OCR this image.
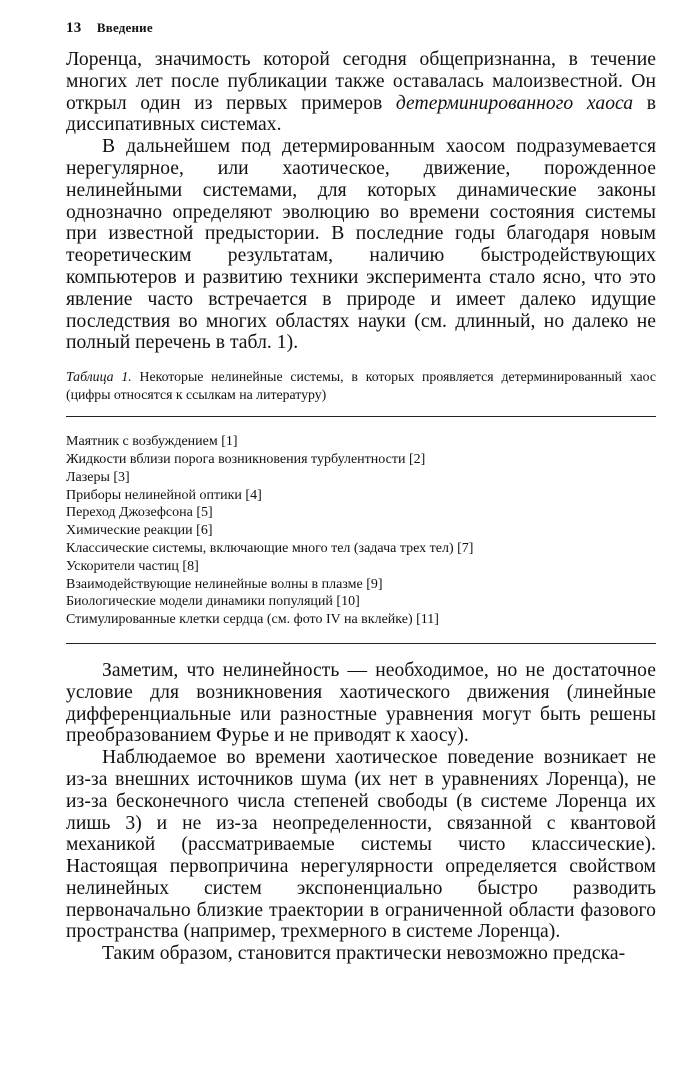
13 Введение

Лоренца, значимость которой сегодня общепризнанна, в течение многих лет после публикации также оставалась малоизвестной. Он открыл один из первых примеров детерминированного хаоса в диссипативных системах.

В дальнейшем под детермированным хаосом подразумевается нерегулярное, или хаотическое, движение, порожденное нелинейными системами, для которых динамические законы однозначно определяют эволюцию во времени состояния системы при известной предыстории. В последние годы благодаря новым теоретическим результатам, наличию быстродействующих компьютеров и развитию техники эксперимента стало ясно, что это явление часто встречается в природе и имеет далеко идущие последствия во многих областях науки (см. длинный, но далеко не полный перечень в табл. 1).

Таблица 1. Некоторые нелинейные системы, в которых проявляется детерминированный хаос (цифры относятся к ссылкам на литературу)
Маятник с возбуждением [ 1 ]
Жидкости вблизи порога возникновения турбулентности [ 2 ]
Лазеры [ 3 ]
Приборы нелинейной оптики [ 4 ]
Переход Джозефсона [ 5 ]
Химические реакции [ 6 ]
Классические системы, включающие много тел (задача трех тел) [ 7 ]
Ускорители частиц [ 8 ]
Взаимодействующие нелинейные волны в плазме [ 9 ]
Биологические модели динамики популяций [ 10 ]
Стимулированные клетки сердца (см. фото IV на вклейке) [ 11 ]

Заметим, что нелинейность — необходимое, но не достаточное условие для возникновения хаотического движения (линейные дифференциальные или разностные уравнения могут быть решены преобразованием Фурье и не приводят к хаосу).

Наблюдаемое во времени хаотическое поведение возникает не из-за внешних источников шума (их нет в уравнениях Лоренца), не из-за бесконечного числа степеней свободы (в системе Лоренца их лишь 3) и не из-за неопределенности, связанной с квантовой механикой (рассматриваемые системы чисто классические). Настоящая первопричина нерегулярности определяется свойством нелинейных систем экспоненциально быстро разводить первоначально близкие траектории в ограниченной области фазового пространства (например, трехмерного в системе Лоренца).

Таким образом, становится практически невозможно предска-
